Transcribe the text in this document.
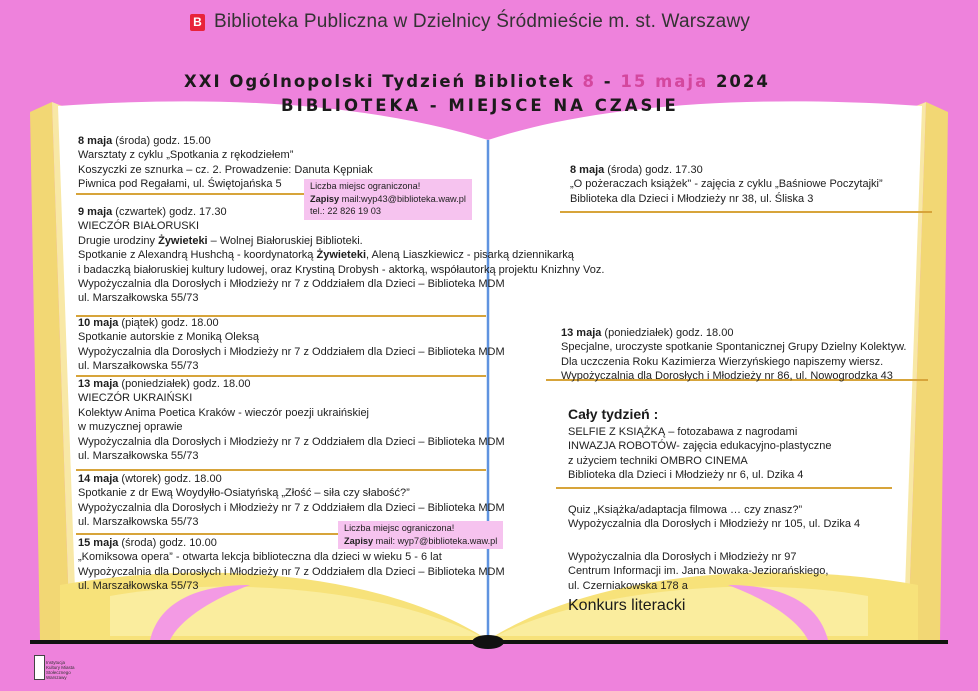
B Biblioteka Publiczna w Dzielnicy Śródmieście m. st. Warszawy
XXI Ogólnopolski Tydzień Bibliotek 8 - 15 maja 2024
BIBLIOTEKA - MIEJSCE NA CZASIE
8 maja (środa) godz. 15.00
Warsztaty z cyklu „Spotkania z rękodziełem”
Koszyczki ze sznurka – cz. 2. Prowadzenie: Danuta Kępniak
Piwnica pod Regałami, ul. Świętojańska 5	Liczba miejsc ograniczona!
Zapisy mail:wyp43@biblioteka.waw.pl
tel.: 22 826 19 03
9 maja (czwartek) godz. 17.30
WIECZÓR BIAŁORUSKI
Drugie urodziny Żywieteki – Wolnej Białoruskiej Biblioteki.
Spotkanie z Alexandrą Hushchą - koordynatorką Żywieteki, Aleną Liaszkiewicz - pisarką dziennikarką
i badaczką białoruskiej kultury ludowej, oraz Krystiną Drobysh - aktorką, współautorką projektu Knizhny Voz.
Wypożyczalnia dla Dorosłych i Młodzieży nr 7 z Oddziałem dla Dzieci – Biblioteka MDM
ul. Marszałkowska 55/73
10 maja (piątek) godz. 18.00
Spotkanie autorskie z Moniką Oleksą
Wypożyczalnia dla Dorosłych i Młodzieży nr 7 z Oddziałem dla Dzieci – Biblioteka MDM
ul. Marszałkowska 55/73
13 maja (poniedziałek) godz. 18.00
WIECZÓR UKRAIŃSKI
Kolektyw Anima Poetica Kraków - wieczór poezji ukraińskiej
w muzycznej oprawie
Wypożyczalnia dla Dorosłych i Młodzieży nr 7 z Oddziałem dla Dzieci – Biblioteka MDM
ul. Marszałkowska 55/73
14 maja (wtorek) godz. 18.00
Spotkanie z dr Ewą Woydyłło-Osiatyńską „Złość – siła czy słabość?”
Wypożyczalnia dla Dorosłych i Młodzieży nr 7 z Oddziałem dla Dzieci – Biblioteka MDM
ul. Marszałkowska 55/73	Liczba miejsc ograniczona!
Zapisy mail: wyp7@biblioteka.waw.pl
15 maja (środa) godz. 10.00
„Komiksowa opera” - otwarta lekcja biblioteczna dla dzieci w wieku 5 - 6 lat
Wypożyczalnia dla Dorosłych i Młodzieży nr 7 z Oddziałem dla Dzieci – Biblioteka MDM
ul. Marszałkowska 55/73
8 maja (środa) godz. 17.30
„O pożeraczach książek" - zajęcia z cyklu „Baśniowe Poczytajki”
Biblioteka dla Dzieci i Młodzieży nr 38, ul. Śliska 3
13 maja (poniedziałek) godz. 18.00
Specjalne, uroczyste spotkanie Spontanicznej Grupy Dzielny Kolektyw.
Dla uczczenia Roku Kazimierza Wierzyńskiego napiszemy wiersz.
Wypożyczalnia dla Dorosłych i Młodzieży nr 86, ul. Nowogrodzka 43
Cały tydzień :
SELFIE Z KSIĄŻKĄ – fotozabawa z nagrodami
INWAZJA ROBOTÓW- zajęcia edukacyjno-plastyczne
z użyciem techniki OMBRO CINEMA
Biblioteka dla Dzieci i Młodzieży nr 6, ul. Dzika 4
Quiz „Książka/adaptacja filmowa … czy znasz?”
Wypożyczalnia dla Dorosłych i Młodzieży nr 105, ul. Dzika 4
Wypożyczalnia dla Dorosłych i Młodzieży nr 97
Centrum Informacji im. Jana Nowaka-Jeziorańskiego,
ul. Czerniakowska 178 a
Konkurs literacki
Instytucja Kultury Miasta Stołecznego Warszawy
